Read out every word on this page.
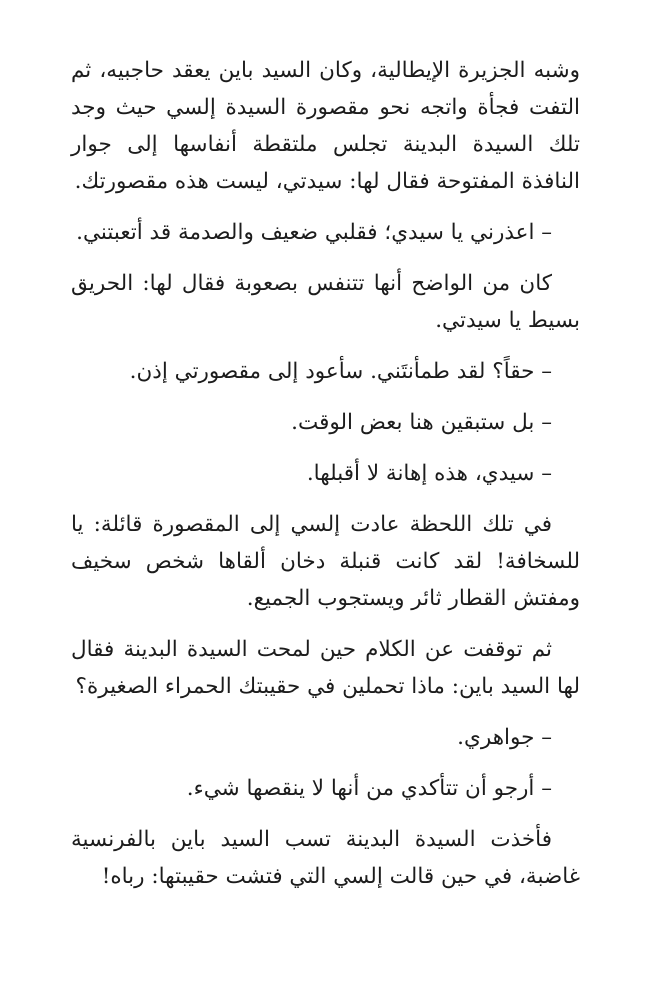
وشبه الجزيرة الإيطالية، وكان السيد باين يعقد حاجبيه، ثم التفت فجأة واتجه نحو مقصورة السيدة إلسي حيث وجد تلك السيدة البدينة تجلس ملتقطة أنفاسها إلى جوار النافذة المفتوحة فقال لها: سيدتي، ليست هذه مقصورتك.

– اعذرني يا سيدي؛ فقلبي ضعيف والصدمة قد أتعبتني.

كان من الواضح أنها تتنفس بصعوبة فقال لها: الحريق بسيط يا سيدتي.

– حقاً؟ لقد طمأنتَني. سأعود إلى مقصورتي إذن.

– بل ستبقين هنا بعض الوقت.

– سيدي، هذه إهانة لا أقبلها.

في تلك اللحظة عادت إلسي إلى المقصورة قائلة: يا للسخافة! لقد كانت قنبلة دخان ألقاها شخص سخيف ومفتش القطار ثائر ويستجوب الجميع.

ثم توقفت عن الكلام حين لمحت السيدة البدينة فقال لها السيد باين: ماذا تحملين في حقيبتك الحمراء الصغيرة؟

– جواهري.

– أرجو أن تتأكدي من أنها لا ينقصها شيء.

فأخذت السيدة البدينة تسب السيد باين بالفرنسية غاضبة، في حين قالت إلسي التي فتشت حقيبتها: رباه!
